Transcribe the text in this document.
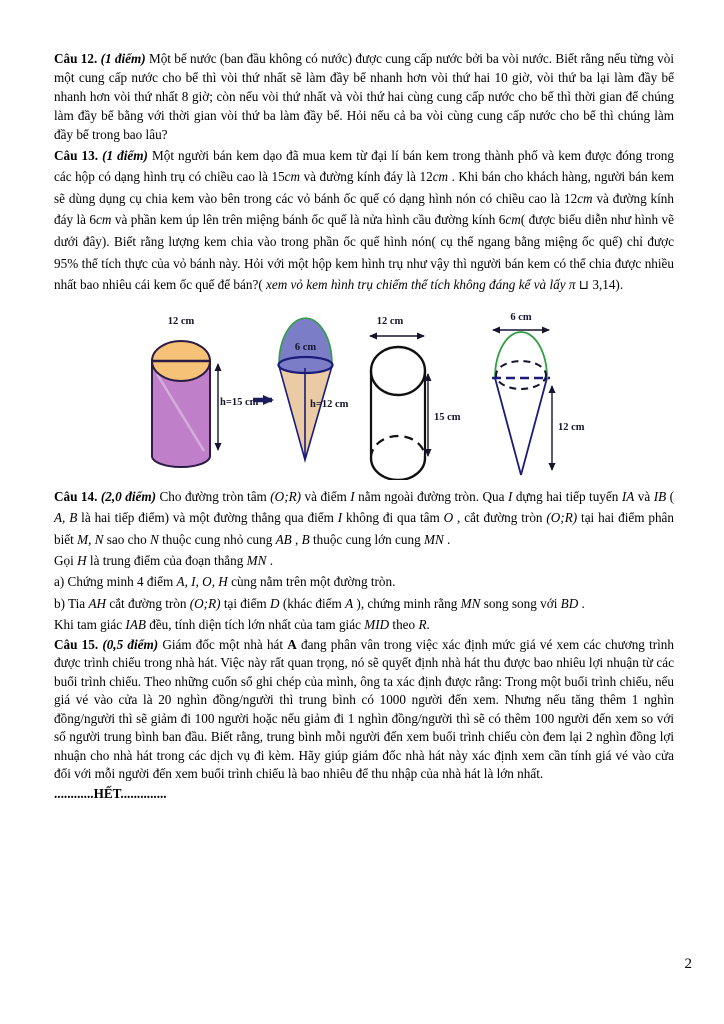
Câu 12. (1 điểm) Một bể nước (ban đầu không có nước) được cung cấp nước bởi ba vòi nước. Biết rằng nếu từng vòi một cung cấp nước cho bể thì vòi thứ nhất sẽ làm đầy bể nhanh hơn vòi thứ hai 10 giờ, vòi thứ ba lại làm đầy bể nhanh hơn vòi thứ nhất 8 giờ; còn nếu vòi thứ nhất và vòi thứ hai cùng cung cấp nước cho bể thì thời gian để chúng làm đầy bể bằng với thời gian vòi thứ ba làm đầy bể. Hỏi nếu cả ba vòi cùng cung cấp nước cho bể thì chúng làm đầy bể trong bao lâu?

Câu 13. (1 điểm) Một người bán kem dạo đã mua kem từ đại lí bán kem trong thành phố và kem được đóng trong các hộp có dạng hình trụ có chiều cao là 15cm và đường kính đáy là 12cm . Khi bán cho khách hàng, người bán kem sẽ dùng dụng cụ chia kem vào bên trong các vỏ bánh ốc quế có dạng hình nón có chiều cao là 12cm và đường kính đáy là 6cm và phần kem úp lên trên miệng bánh ốc quế là nửa hình cầu đường kính 6cm( được biểu diễn như hình vẽ dưới đây). Biết rằng lượng kem chia vào trong phần ốc quế hình nón( cụ thể ngang bằng miệng ốc quế) chỉ được 95% thể tích thực của vỏ bánh này. Hỏi với một hộp kem hình trụ như vậy thì người bán kem có thể chia được nhiều nhất bao nhiêu cái kem ốc quế để bán?( xem vỏ kem hình trụ chiếm thể tích không đáng kể và lấy π ⊔ 3,14).

12 cm
h=15 cm
6 cm
h=12 cm
12 cm
15 cm
6 cm
12 cm

Câu 14. (2,0 điểm) Cho đường tròn tâm (O;R) và điểm I nằm ngoài đường tròn. Qua I dựng hai tiếp tuyến IA và IB ( A, B là hai tiếp điểm) và một đường thẳng qua điểm I không đi qua tâm O , cắt đường tròn (O;R) tại hai điểm phân biết M, N sao cho N thuộc cung nhỏ cung AB , B thuộc cung lớn cung MN .

Gọi H là trung điểm của đoạn thẳng MN .

a) Chứng minh 4 điểm A, I, O, H cùng nằm trên một đường tròn.

b) Tia AH cắt đường tròn (O;R) tại điểm D (khác điểm A ), chứng minh rằng MN song song với BD .

Khi tam giác IAB đều, tính diện tích lớn nhất của tam giác MID theo R.

Câu 15. (0,5 điểm) Giám đốc một nhà hát A đang phân vân trong việc xác định mức giá vé xem các chương trình được trình chiếu trong nhà hát. Việc này rất quan trọng, nó sẽ quyết định nhà hát thu được bao nhiêu lợi nhuận từ các buổi trình chiếu. Theo những cuốn sổ ghi chép của mình, ông ta xác định được rằng: Trong một buổi trình chiếu, nếu giá vé vào cửa là 20 nghìn đồng/người thì trung bình có 1000 người đến xem. Nhưng nếu tăng thêm 1 nghìn đồng/người thì sẽ giảm đi 100 người hoặc nếu giảm đi 1 nghìn đồng/người thì sẽ có thêm 100 người đến xem so với số người trung bình ban đầu. Biết rằng, trung bình mỗi người đến xem buổi trình chiếu còn đem lại 2 nghìn đồng lợi nhuận cho nhà hát trong các dịch vụ đi kèm. Hãy giúp giám đốc nhà hát này xác định xem cần tính giá vé vào cửa đối với mỗi người đến xem buổi trình chiếu là bao nhiêu để thu nhập của nhà hát là lớn nhất.

............HẾT..............

2
